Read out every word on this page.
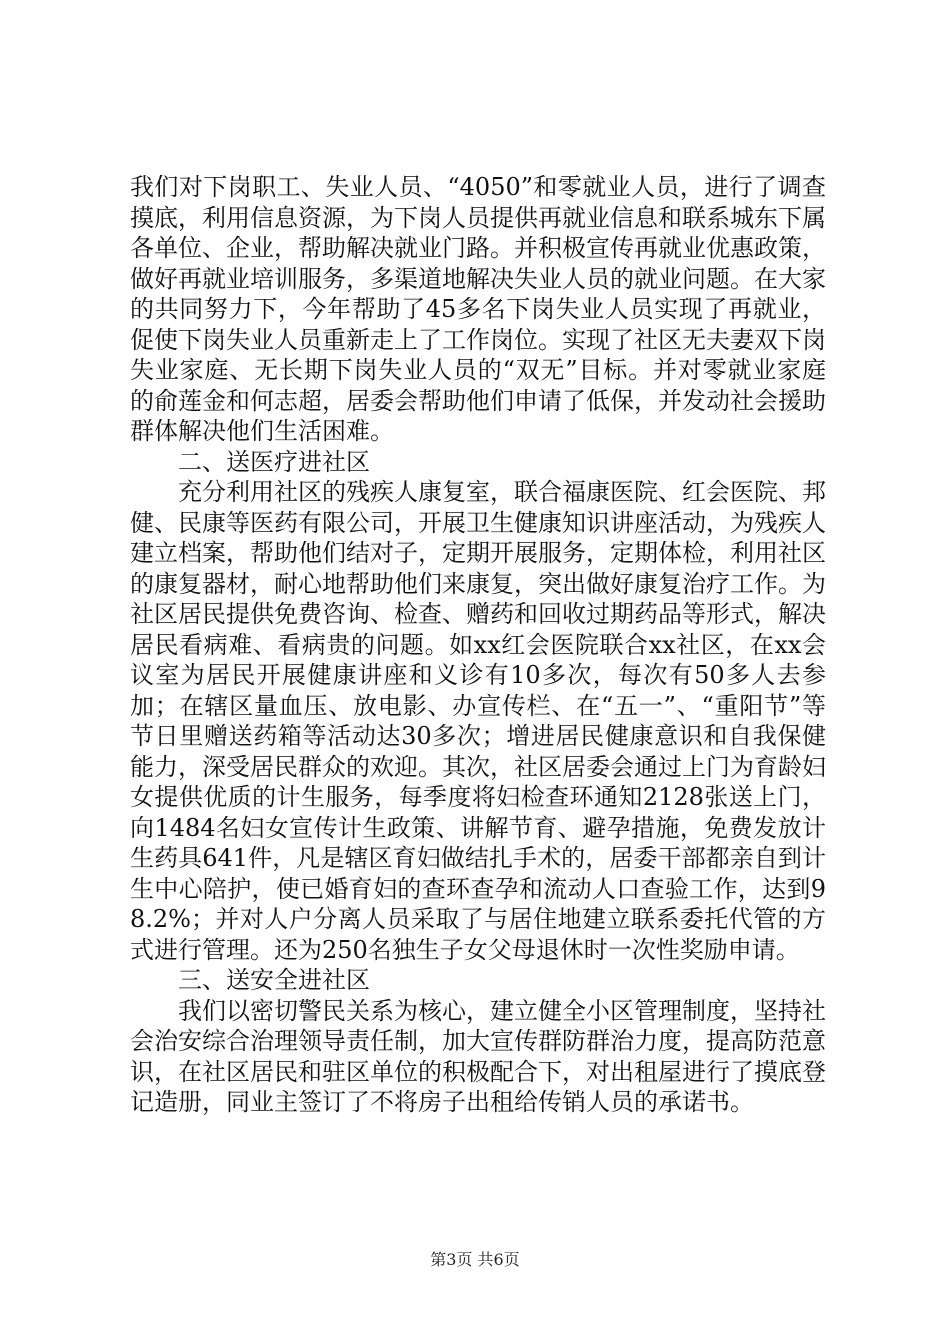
我们对下岗职工、失业人员、“4050”和零就业人员，进行了调查摸底，利用信息资源，为下岗人员提供再就业信息和联系城东下属各单位、企业，帮助解决就业门路。并积极宣传再就业优惠政策，做好再就业培训服务，多渠道地解决失业人员的就业问题。在大家的共同努力下，今年帮助了45多名下岗失业人员实现了再就业，促使下岗失业人员重新走上了工作岗位。实现了社区无夫妻双下岗失业家庭、无长期下岗失业人员的“双无”目标。并对零就业家庭的俞莲金和何志超，居委会帮助他们申请了低保，并发动社会援助群体解决他们生活困难。

二、送医疗进社区

充分利用社区的残疾人康复室，联合福康医院、红会医院、邦健、民康等医药有限公司，开展卫生健康知识讲座活动，为残疾人建立档案，帮助他们结对子，定期开展服务，定期体检，利用社区的康复器材，耐心地帮助他们来康复，突出做好康复治疗工作。为社区居民提供免费咨询、检查、赠药和回收过期药品等形式，解决居民看病难、看病贵的问题。如xx红会医院联合xx社区，在xx会议室为居民开展健康讲座和义诊有10多次，每次有50多人去参加；在辖区量血压、放电影、办宣传栏、在“五一”、“重阳节”等节日里赠送药箱等活动达30多次；增进居民健康意识和自我保健能力，深受居民群众的欢迎。其次，社区居委会通过上门为育龄妇女提供优质的计生服务，每季度将妇检查环通知2128张送上门，向1484名妇女宣传计生政策、讲解节育、避孕措施，免费发放计生药具641件，凡是辖区育妇做结扎手术的，居委干部都亲自到计生中心陪护，使已婚育妇的查环查孕和流动人口查验工作，达到98.2%；并对人户分离人员采取了与居住地建立联系委托代管的方式进行管理。还为250名独生子女父母退休时一次性奖励申请。

三、送安全进社区

我们以密切警民关系为核心，建立健全小区管理制度，坚持社会治安综合治理领导责任制，加大宣传群防群治力度，提高防范意识，在社区居民和驻区单位的积极配合下，对出租屋进行了摸底登记造册，同业主签订了不将房子出租给传销人员的承诺书。

第3页 共6页
